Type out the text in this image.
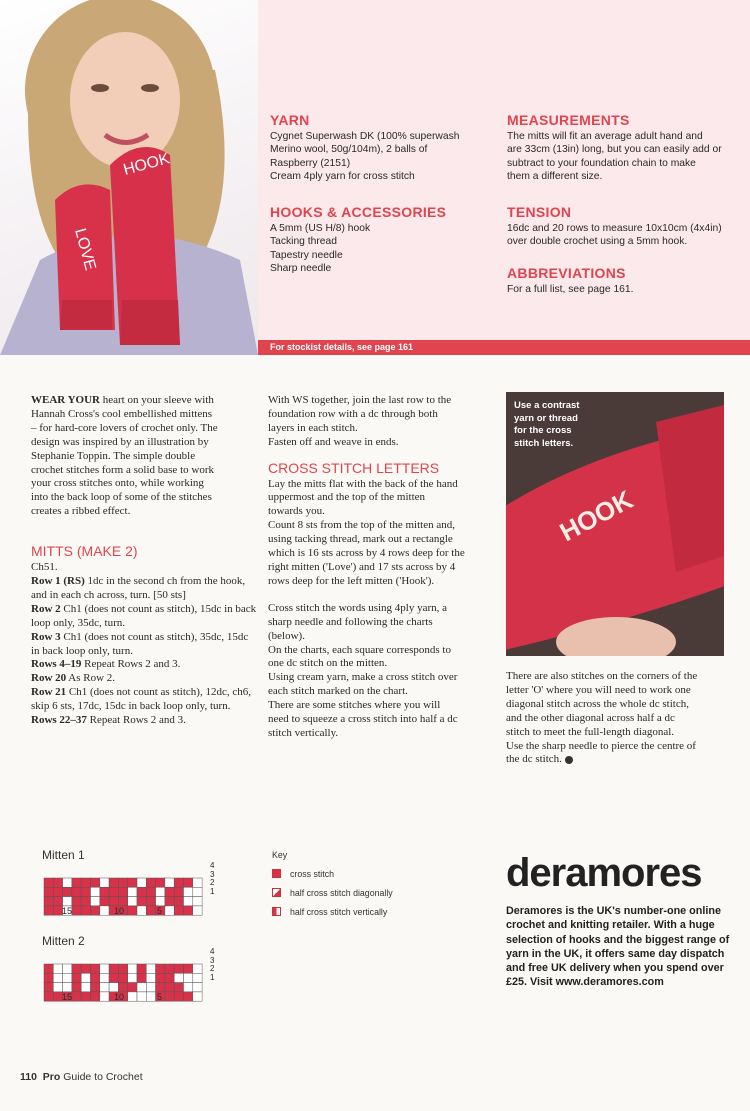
LOVE
HOOK
YARN

Cygnet Superwash DK (100% superwash

Merino wool, 50g/104m), 2 balls of

Raspberry (2151)

Cream 4ply yarn for cross stitch

HOOKS & ACCESSORIES

A 5mm (US H/8) hook

Tacking thread

Tapestry needle

Sharp needle

MEASUREMENTS

The mitts will fit an average adult hand and

are 33cm (13in) long, but you can easily add or

subtract to your foundation chain to make

them a different size.

TENSION

16dc and 20 rows to measure 10x10cm (4x4in)

over double crochet using a 5mm hook.

ABBREVIATIONS

For a full list, see page 161.

For stockist details, see page 161

WEAR YOUR heart on your sleeve with

Hannah Cross's cool embellished mittens

– for hard-core lovers of crochet only. The

design was inspired by an illustration by

Stephanie Toppin. The simple double

crochet stitches form a solid base to work

your cross stitches onto, while working

into the back loop of some of the stitches

creates a ribbed effect.

MITTS (MAKE 2)

Ch51.

Row 1 (RS) 1dc in the second ch from the hook, and in each ch across, turn. [50 sts]

Row 2 Ch1 (does not count as stitch), 15dc in back loop only, 35dc, turn.

Row 3 Ch1 (does not count as stitch), 35dc, 15dc in back loop only, turn.

Rows 4–19 Repeat Rows 2 and 3.

Row 20 As Row 2.

Row 21 Ch1 (does not count as stitch), 12dc, ch6, skip 6 sts, 17dc, 15dc in back loop only, turn.

Rows 22–37 Repeat Rows 2 and 3.

With WS together, join the last row to the

foundation row with a dc through both

layers in each stitch.

Fasten off and weave in ends.

CROSS STITCH LETTERS

Lay the mitts flat with the back of the hand

uppermost and the top of the mitten

towards you.

Count 8 sts from the top of the mitten and,

using tacking thread, mark out a rectangle

which is 16 sts across by 4 rows deep for the

right mitten ('Love') and 17 sts across by 4

rows deep for the left mitten ('Hook').

Cross stitch the words using 4ply yarn, a

sharp needle and following the charts

(below).

On the charts, each square corresponds to

one dc stitch on the mitten.

Using cream yarn, make a cross stitch over

each stitch marked on the chart.

There are some stitches where you will

need to squeeze a cross stitch into half a dc

stitch vertically.

HOOK
Use a contrast
yarn or thread
for the cross
stitch letters.

There are also stitches on the corners of the

letter 'O' where you will need to work one

diagonal stitch across the whole dc stitch,

and the other diagonal across half a dc

stitch to meet the full-length diagonal.

Use the sharp needle to pierce the centre of

the dc stitch.

Mitten 1
4
3
2
1
15	10	5
Mitten 2
4
3
2
1
15	10	5
Key
cross stitch
half cross stitch diagonally
half cross stitch vertically
deramores
Deramores is the UK's number-one online crochet and knitting retailer. With a huge selection of hooks and the biggest range of yarn in the UK, it offers same day dispatch and free UK delivery when you spend over £25. Visit www.deramores.com
110 Pro Guide to Crochet
